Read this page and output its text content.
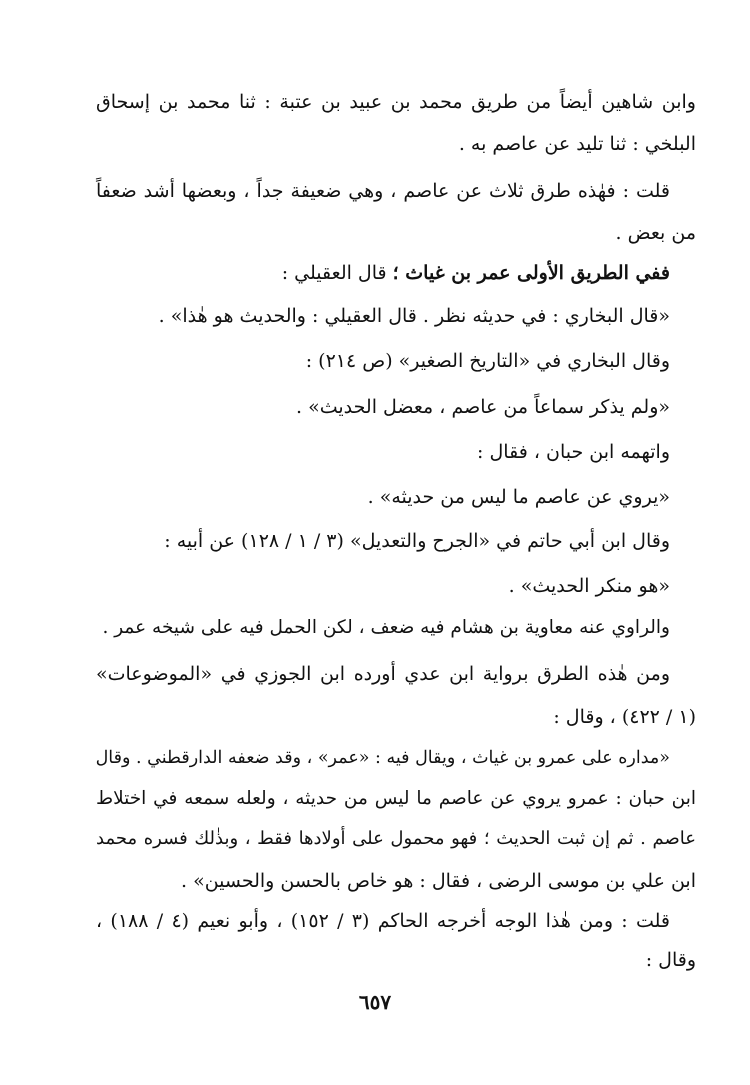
وابن شاهين أيضاً من طريق محمد بن عبيد بن عتبة : ثنا محمد بن إسحاق
البلخي : ثنا تليد عن عاصم به .
قلت : فهٰذه طرق ثلاث عن عاصم ، وهي ضعيفة جداً ، وبعضها أشد ضعفاً
من بعض .
ففي الطريق الأولى عمر بن غياث ؛ قال العقيلي :
«قال البخاري : في حديثه نظر . قال العقيلي : والحديث هو هٰذا» .
وقال البخاري في «التاريخ الصغير» (ص ٢١٤) :
«ولم يذكر سماعاً من عاصم ، معضل الحديث» .
واتهمه ابن حبان ، فقال :
«يروي عن عاصم ما ليس من حديثه» .
وقال ابن أبي حاتم في «الجرح والتعديل» (٣ / ١ / ١٢٨) عن أبيه :
«هو منكر الحديث» .
والراوي عنه معاوية بن هشام فيه ضعف ، لكن الحمل فيه على شيخه عمر .
ومن هٰذه الطرق برواية ابن عدي أورده ابن الجوزي في «الموضوعات»
(١ / ٤٢٢) ، وقال :
«مداره على عمرو بن غياث ، ويقال فيه : «عمر» ، وقد ضعفه الدارقطني . وقال
ابن حبان : عمرو يروي عن عاصم ما ليس من حديثه ، ولعله سمعه في اختلاط
عاصم . ثم إن ثبت الحديث ؛ فهو محمول على أولادها فقط ، وبذٰلك فسره محمد
ابن علي بن موسى الرضى ، فقال : هو خاص بالحسن والحسين» .
قلت : ومن هٰذا الوجه أخرجه الحاكم (٣ / ١٥٢) ، وأبو نعيم (٤ / ١٨٨) ،
وقال :
٦٥٧
